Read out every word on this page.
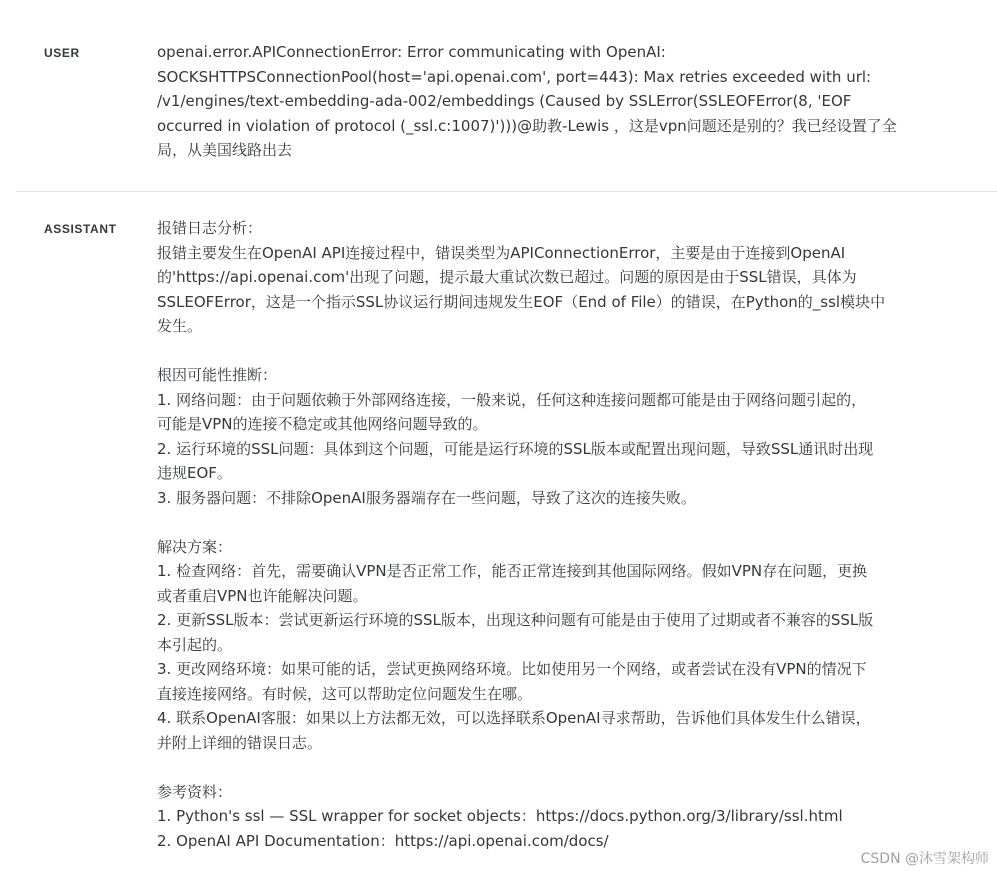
USER	openai.error.APIConnectionError: Error communicating with OpenAI:
SOCKSHTTPSConnectionPool(host='api.openai.com', port=443): Max retries exceeded with url:
/v1/engines/text-embedding-ada-002/embeddings (Caused by SSLError(SSLEOFError(8, 'EOF
occurred in violation of protocol (_ssl.c:1007)')))@助教-Lewis ，这是vpn问题还是别的？我已经设置了全
局，从美国线路出去
ASSISTANT	报错日志分析：
报错主要发生在OpenAI API连接过程中，错误类型为APIConnectionError，主要是由于连接到OpenAI
的'https://api.openai.com'出现了问题，提示最大重试次数已超过。问题的原因是由于SSL错误，具体为
SSLEOFError，这是一个指示SSL协议运行期间违规发生EOF（End of File）的错误，在Python的_ssl模块中
发生。
根因可能性推断：
1. 网络问题：由于问题依赖于外部网络连接，一般来说，任何这种连接问题都可能是由于网络问题引起的，
可能是VPN的连接不稳定或其他网络问题导致的。
2. 运行环境的SSL问题：具体到这个问题，可能是运行环境的SSL版本或配置出现问题，导致SSL通讯时出现
违规EOF。
3. 服务器问题：不排除OpenAI服务器端存在一些问题，导致了这次的连接失败。
解决方案：
1. 检查网络：首先，需要确认VPN是否正常工作，能否正常连接到其他国际网络。假如VPN存在问题，更换
或者重启VPN也许能解决问题。
2. 更新SSL版本：尝试更新运行环境的SSL版本，出现这种问题有可能是由于使用了过期或者不兼容的SSL版
本引起的。
3. 更改网络环境：如果可能的话，尝试更换网络环境。比如使用另一个网络，或者尝试在没有VPN的情况下
直接连接网络。有时候，这可以帮助定位问题发生在哪。
4. 联系OpenAI客服：如果以上方法都无效，可以选择联系OpenAI寻求帮助，告诉他们具体发生什么错误，
并附上详细的错误日志。
参考资料：
1. Python's ssl — SSL wrapper for socket objects：https://docs.python.org/3/library/ssl.html
2. OpenAI API Documentation：https://api.openai.com/docs/
CSDN @沐雪架构师
